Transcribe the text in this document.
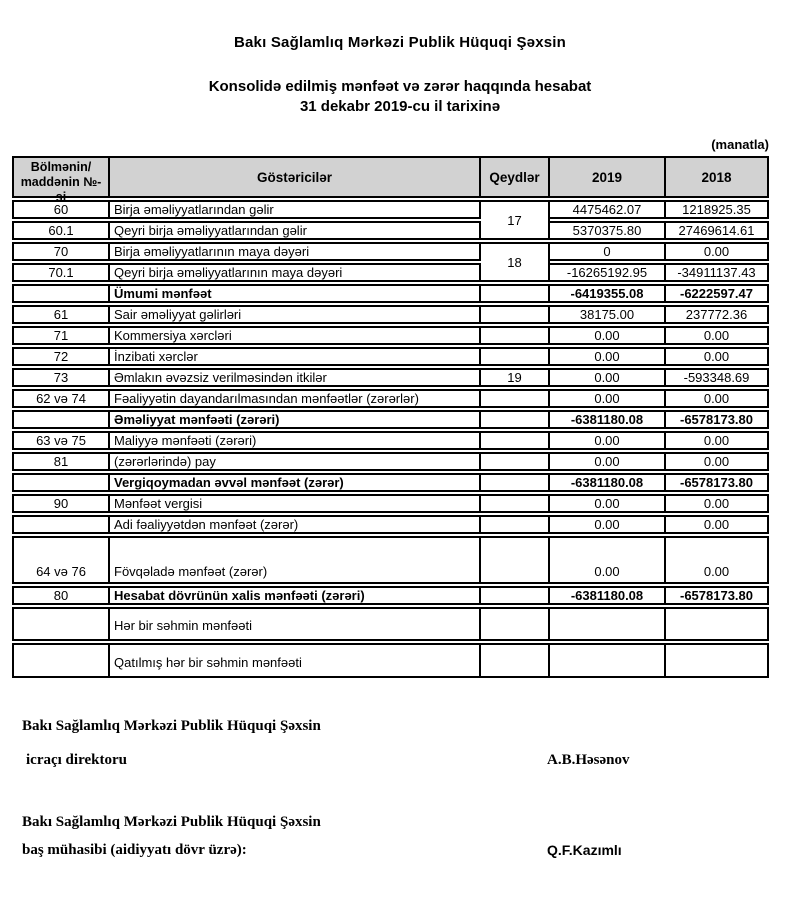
Bakı Sağlamlıq Mərkəzi Publik Hüquqi Şəxsin
Konsolidə edilmiş mənfəət və zərər haqqında hesabat
31 dekabr 2019-cu il tarixinə
(manatla)
Bölmənin/
maddənin №-
si	Göstəricilər	Qeydlər	2019	2018
60	Birja əməliyyatlarından gəlir	17	4475462.07	1218925.35
60.1	Qeyri birja əməliyyatlarından gəlir		5370375.80	27469614.61
70	Birja əməliyyatlarının maya dəyəri	18	0	0.00
70.1	Qeyri birja əməliyyatlarının maya dəyəri		-16265192.95	-34911137.43
	Ümumi mənfəət		-6419355.08	-6222597.47
61	Sair əməliyyat gəlirləri		38175.00	237772.36
71	Kommersiya xərcləri		0.00	0.00
72	İnzibati xərclər		0.00	0.00
73	Əmlakın əvəzsiz verilməsindən itkilər	19	0.00	-593348.69
62 və 74	Fəaliyyətin dayandarılmasından mənfəətlər (zərərlər)		0.00	0.00
	Əməliyyat mənfəəti (zərəri)		-6381180.08	-6578173.80
63 və 75	Maliyyə mənfəəti (zərəri)		0.00	0.00
81	(zərərlərində) pay		0.00	0.00
	Vergiqoymadan əvvəl mənfəət (zərər)		-6381180.08	-6578173.80
90	Mənfəət vergisi		0.00	0.00
	Adi fəaliyyətdən mənfəət (zərər)		0.00	0.00
64 və 76	Fövqəladə mənfəət (zərər)		0.00	0.00
80	Hesabat dövrünün xalis mənfəəti (zərəri)		-6381180.08	-6578173.80
	Hər bir səhmin mənfəəti			
	Qatılmış hər bir səhmin mənfəəti			
Bakı Sağlamlıq Mərkəzi Publik Hüquqi Şəxsin
icraçı direktoru	A.B.Həsənov
Bakı Sağlamlıq Mərkəzi Publik Hüquqi Şəxsin
baş mühasibi (aidiyyatı dövr üzrə):	Q.F.Kazımlı
